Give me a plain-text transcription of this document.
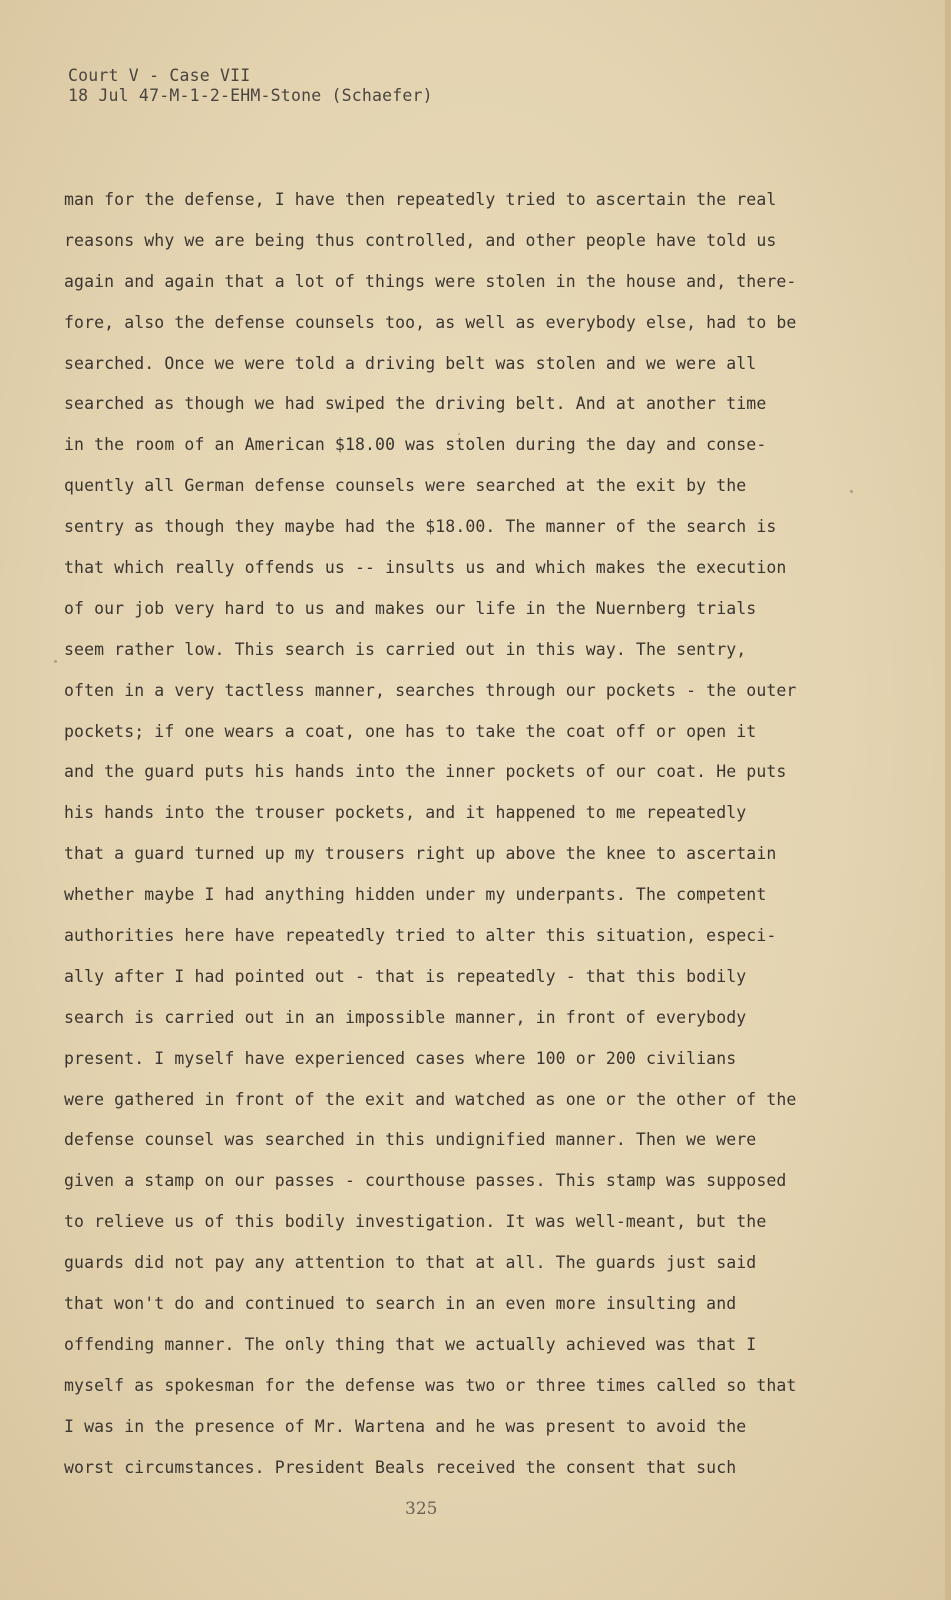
Court V - Case VII
18 Jul 47-M-1-2-EHM-Stone (Schaefer)
man for the defense, I have then repeatedly tried to ascertain the real
reasons why we are being thus controlled, and other people have told us
again and again that a lot of things were stolen in the house and, there-
fore, also the defense counsels too, as well as everybody else, had to be
searched. Once we were told a driving belt was stolen and we were all
searched as though we had swiped the driving belt. And at another time
in the room of an American $18.00 was stolen during the day and conse-
quently all German defense counsels were searched at the exit by the
sentry as though they maybe had the $18.00. The manner of the search is
that which really offends us -- insults us and which makes the execution
of our job very hard to us and makes our life in the Nuernberg trials
seem rather low. This search is carried out in this way. The sentry,
often in a very tactless manner, searches through our pockets - the outer
pockets; if one wears a coat, one has to take the coat off or open it
and the guard puts his hands into the inner pockets of our coat. He puts
his hands into the trouser pockets, and it happened to me repeatedly
that a guard turned up my trousers right up above the knee to ascertain
whether maybe I had anything hidden under my underpants. The competent
authorities here have repeatedly tried to alter this situation, especi-
ally after I had pointed out - that is repeatedly - that this bodily
search is carried out in an impossible manner, in front of everybody
present. I myself have experienced cases where 100 or 200 civilians
were gathered in front of the exit and watched as one or the other of the
defense counsel was searched in this undignified manner. Then we were
given a stamp on our passes - courthouse passes. This stamp was supposed
to relieve us of this bodily investigation. It was well-meant, but the
guards did not pay any attention to that at all. The guards just said
that won't do and continued to search in an even more insulting and
offending manner. The only thing that we actually achieved was that I
myself as spokesman for the defense was two or three times called so that
I was in the presence of Mr. Wartena and he was present to avoid the
worst circumstances. President Beals received the consent that such
325
